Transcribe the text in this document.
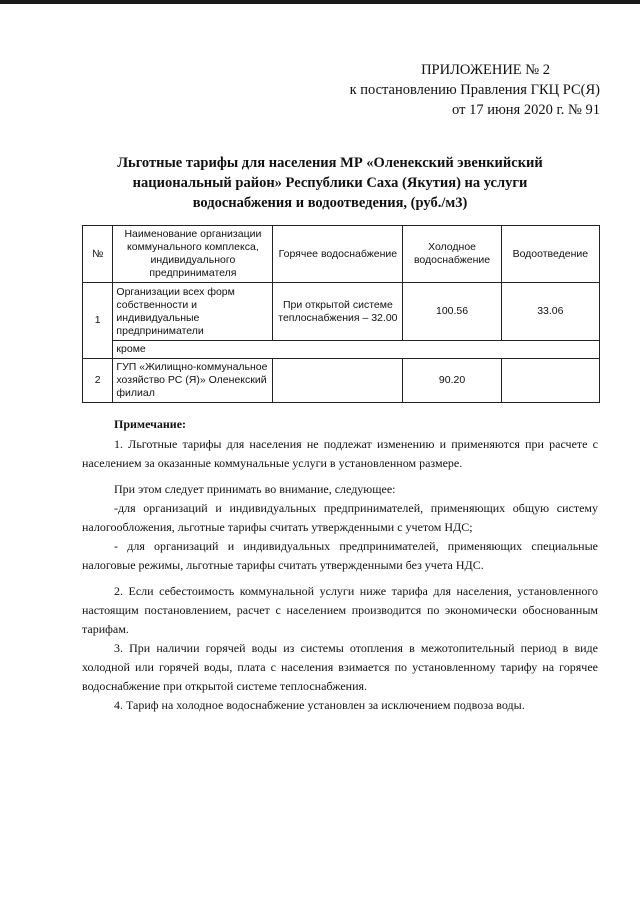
ПРИЛОЖЕНИЕ № 2
к постановлению Правления ГКЦ РС(Я)
от 17 июня 2020 г. № 91
Льготные тарифы для населения МР «Оленекский эвенкийский
национальный район» Республики Саха (Якутия) на услуги
водоснабжения и водоотведения, (руб./м3)
№	Наименование организации коммунального комплекса, индивидуального предпринимателя	Горячее водоснабжение	Холодное водоснабжение	Водоотведение
1	Организации всех форм собственности и индивидуальные предприниматели	При открытой системе теплоснабжения – 32.00	100.56	33.06
	кроме			
2	ГУП «Жилищно-коммунальное хозяйство РС (Я)» Оленекский филиал		90.20	

Примечание:

1. Льготные тарифы для населения не подлежат изменению и применяются при расчете с населением за оказанные коммунальные услуги в установленном размере.

При этом следует принимать во внимание, следующее:

-для организаций и индивидуальных предпринимателей, применяющих общую систему налогообложения, льготные тарифы считать утвержденными с учетом НДС;

- для организаций и индивидуальных предпринимателей, применяющих специальные налоговые режимы, льготные тарифы считать утвержденными без учета НДС.

2. Если себестоимость коммунальной услуги ниже тарифа для населения, установленного настоящим постановлением, расчет с населением производится по экономически обоснованным тарифам.

3. При наличии горячей воды из системы отопления в межотопительный период в виде холодной или горячей воды, плата с населения взимается по установленному тарифу на горячее водоснабжение при открытой системе теплоснабжения.

4. Тариф на холодное водоснабжение установлен за исключением подвоза воды.
